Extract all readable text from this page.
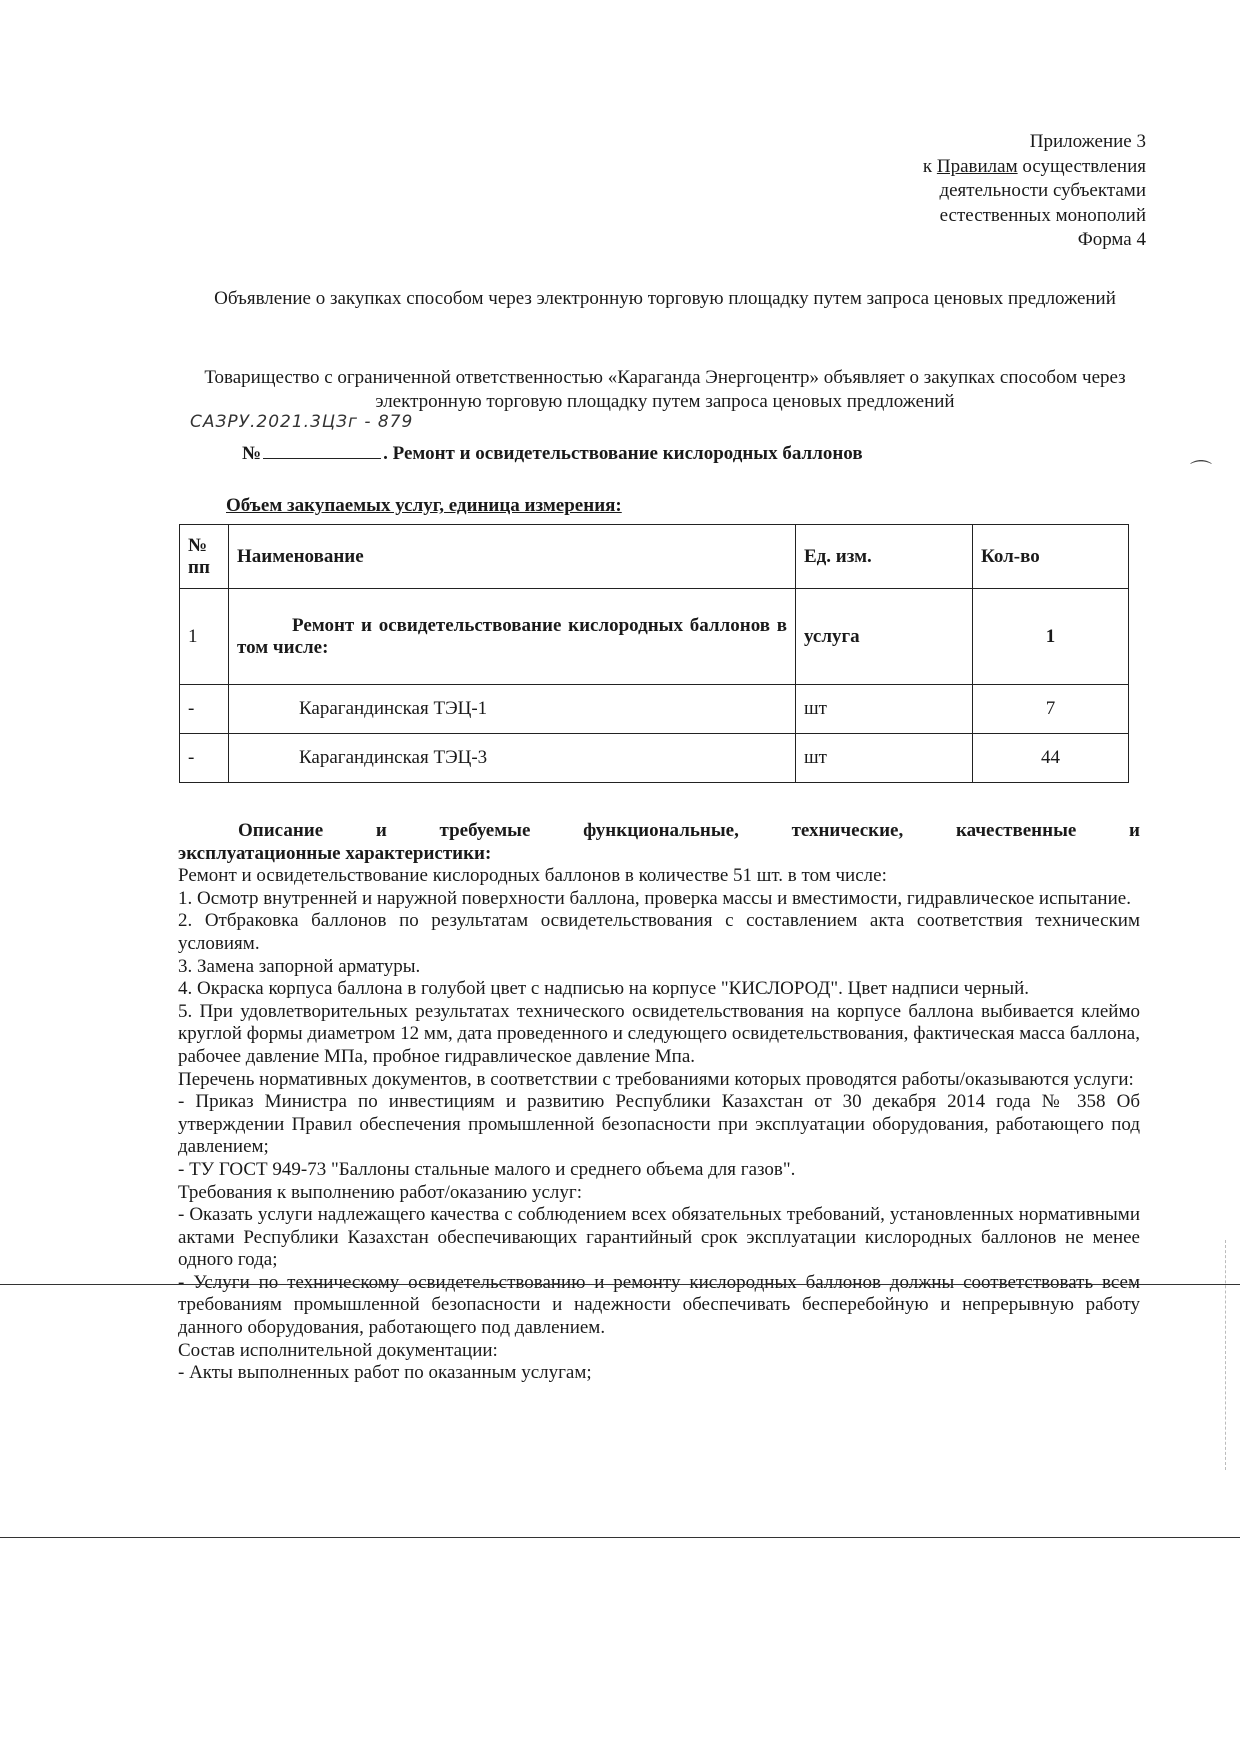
Приложение 3
к Правилам осуществления
деятельности субъектами
естественных монополий
Форма 4
Объявление о закупках способом через электронную торговую площадку путем запроса ценовых предложений
Товарищество с ограниченной ответственностью «Караганда Энергоцентр» объявляет о закупках способом через электронную торговую площадку путем запроса ценовых предложений
САЗРУ.2021.3ЦЗг - 879
№	. Ремонт и освидетельствование кислородных баллонов
Объем закупаемых услуг, единица измерения:
№ пп	Наименование	Ед. изм.	Кол-во
1	Ремонт и освидетельствование кислородных баллонов в том числе:	услуга	1
-	Карагандинская ТЭЦ-1	шт	7
-	Карагандинская ТЭЦ-3	шт	44

Описание и требуемые функциональные, технические, качественные и

эксплуатационные характеристики:

Ремонт и освидетельствование кислородных баллонов в количестве 51 шт. в том числе:

1. Осмотр внутренней и наружной поверхности баллона, проверка массы и вместимости, гидравлическое испытание.

2. Отбраковка баллонов по результатам освидетельствования с составлением акта соответствия техническим условиям.

3. Замена запорной арматуры.

4. Окраска корпуса баллона в голубой цвет с надписью на корпусе "КИСЛОРОД". Цвет надписи черный.

5. При удовлетворительных результатах технического освидетельствования на корпусе баллона выбивается клеймо круглой формы диаметром 12 мм, дата проведенного и следующего освидетельствования, фактическая масса баллона, рабочее давление МПа, пробное гидравлическое давление Мпа.

Перечень нормативных документов, в соответствии с требованиями которых проводятся работы/оказываются услуги:

- Приказ Министра по инвестициям и развитию Республики Казахстан от 30 декабря 2014 года № 358 Об утверждении Правил обеспечения промышленной безопасности при эксплуатации оборудования, работающего под давлением;

- ТУ ГОСТ 949-73 "Баллоны стальные малого и среднего объема для газов".

Требования к выполнению работ/оказанию услуг:

- Оказать услуги надлежащего качества с соблюдением всех обязательных требований, установленных нормативными актами Республики Казахстан обеспечивающих гарантийный срок эксплуатации кислородных баллонов не менее одного года;

- Услуги по техническому освидетельствованию и ремонту кислородных баллонов должны соответствовать всем требованиям промышленной безопасности и надежности обеспечивать бесперебойную и непрерывную работу данного оборудования, работающего под давлением.

Состав исполнительной документации:

- Акты выполненных работ по оказанным услугам;

⌒
